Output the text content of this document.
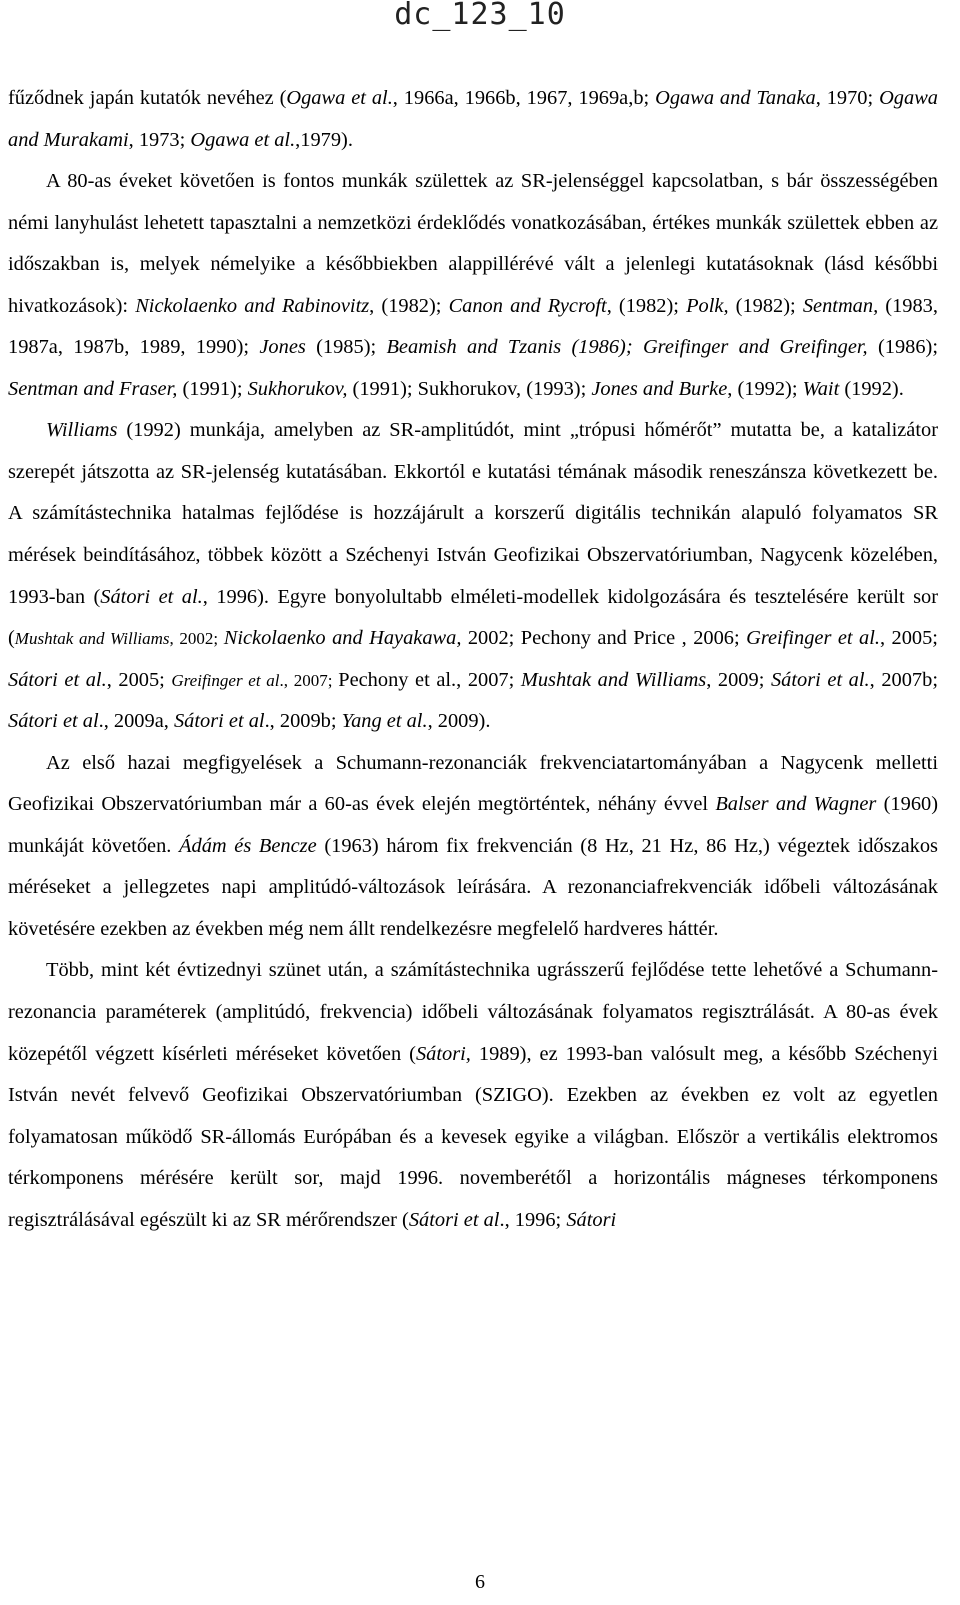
dc_123_10

fűződnek japán kutatók nevéhez (Ogawa et al., 1966a, 1966b, 1967, 1969a,b; Ogawa and Tanaka, 1970; Ogawa and Murakami, 1973; Ogawa et al.,1979).

A 80-as éveket követően is fontos munkák születtek az SR-jelenséggel kapcsolatban, s bár összességében némi lanyhulást lehetett tapasztalni a nemzetközi érdeklődés vonatkozásában, értékes munkák születtek ebben az időszakban is, melyek némelyike a későbbiekben alappillérévé vált a jelenlegi kutatásoknak (lásd későbbi hivatkozások): Nickolaenko and Rabinovitz, (1982); Canon and Rycroft, (1982); Polk, (1982); Sentman, (1983, 1987a, 1987b, 1989, 1990); Jones (1985); Beamish and Tzanis (1986); Greifinger and Greifinger, (1986); Sentman and Fraser, (1991); Sukhorukov, (1991); Sukhorukov, (1993); Jones and Burke, (1992); Wait (1992).

Williams (1992) munkája, amelyben az SR-amplitúdót, mint „trópusi hőmérőt” mutatta be, a katalizátor szerepét játszotta az SR-jelenség kutatásában. Ekkortól e kutatási témának második reneszánsza következett be. A számítástechnika hatalmas fejlődése is hozzájárult a korszerű digitális technikán alapuló folyamatos SR mérések beindításához, többek között a Széchenyi István Geofizikai Obszervatóriumban, Nagycenk közelében, 1993-ban (Sátori et al., 1996). Egyre bonyolultabb elméleti-modellek kidolgozására és tesztelésére került sor (Mushtak and Williams, 2002; Nickolaenko and Hayakawa, 2002; Pechony and Price , 2006; Greifinger et al., 2005; Sátori et al., 2005; Greifinger et al., 2007; Pechony et al., 2007; Mushtak and Williams, 2009; Sátori et al., 2007b; Sátori et al., 2009a, Sátori et al., 2009b; Yang et al., 2009).

Az első hazai megfigyelések a Schumann-rezonanciák frekvenciatartományában a Nagycenk melletti Geofizikai Obszervatóriumban már a 60-as évek elején megtörténtek, néhány évvel Balser and Wagner (1960) munkáját követően. Ádám és Bencze (1963) három fix frekvencián (8 Hz, 21 Hz, 86 Hz,) végeztek időszakos méréseket a jellegzetes napi amplitúdó-változások leírására. A rezonanciafrekvenciák időbeli változásának követésére ezekben az években még nem állt rendelkezésre megfelelő hardveres háttér.

Több, mint két évtizednyi szünet után, a számítástechnika ugrásszerű fejlődése tette lehetővé a Schumann-rezonancia paraméterek (amplitúdó, frekvencia) időbeli változásának folyamatos regisztrálását. A 80-as évek közepétől végzett kísérleti méréseket követően (Sátori, 1989), ez 1993-ban valósult meg, a később Széchenyi István nevét felvevő Geofizikai Obszervatóriumban (SZIGO). Ezekben az években ez volt az egyetlen folyamatosan működő SR-állomás Európában és a kevesek egyike a világban. Először a vertikális elektromos térkomponens mérésére került sor, majd 1996. novemberétől a horizontális mágneses térkomponens regisztrálásával egészült ki az SR mérőrendszer (Sátori et al., 1996; Sátori

6
